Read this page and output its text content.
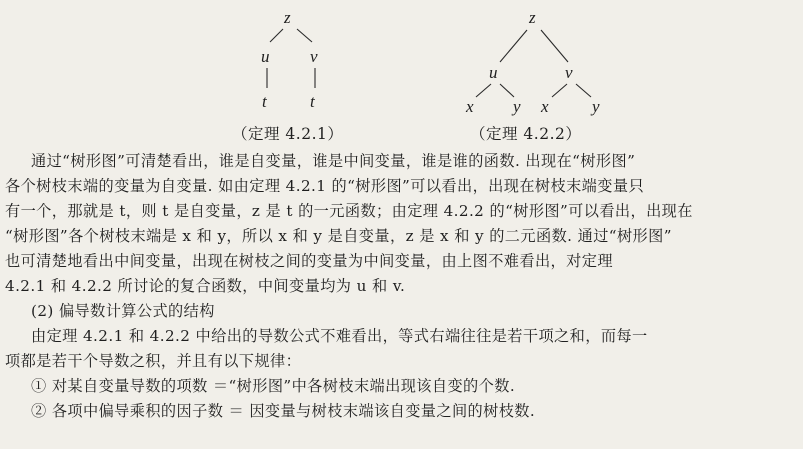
z
u v
t	t
z
u	v
x y x	y
（定理 4.2.1）	（定理 4.2.2）
通过“树形图”可清楚看出，谁是自变量，谁是中间变量，谁是谁的函数. 出现在“树形图”
各个树枝末端的变量为自变量. 如由定理 4.2.1 的“树形图”可以看出，出现在树枝末端变量只
有一个，那就是 t，则 t 是自变量，z 是 t 的一元函数；由定理 4.2.2 的“树形图”可以看出，出现在
“树形图”各个树枝末端是 x 和 y，所以 x 和 y 是自变量，z 是 x 和 y 的二元函数. 通过“树形图”
也可清楚地看出中间变量，出现在树枝之间的变量为中间变量，由上图不难看出，对定理
4.2.1 和 4.2.2 所讨论的复合函数，中间变量均为 u 和 v.
(2) 偏导数计算公式的结构
由定理 4.2.1 和 4.2.2 中给出的导数公式不难看出，等式右端往往是若干项之和，而每一
项都是若干个导数之积，并且有以下规律：
① 对某自变量导数的项数 ＝“树形图”中各树枝末端出现该自变的个数.
② 各项中偏导乘积的因子数 ＝ 因变量与树枝末端该自变量之间的树枝数.
